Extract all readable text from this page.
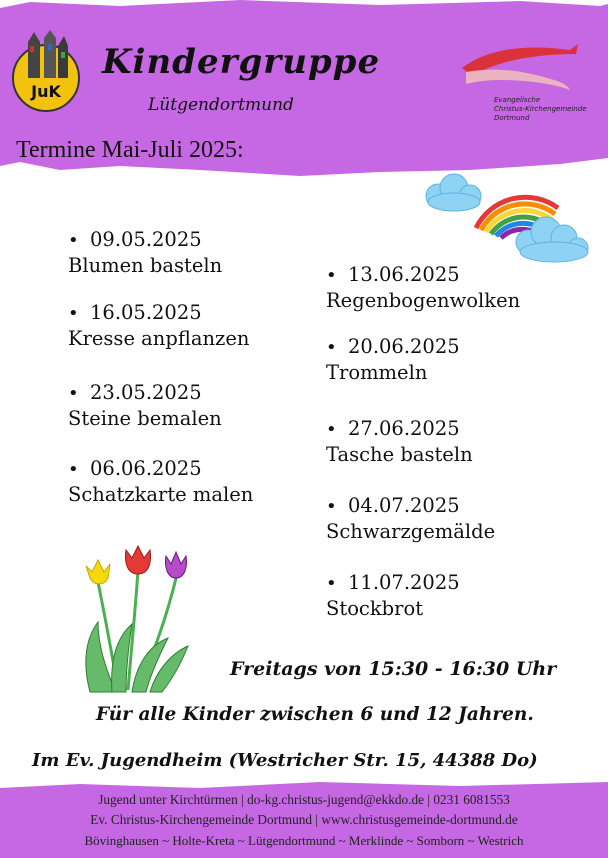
JuK
Kindergruppe
Lütgendortmund	Evangelische
Christus-Kirchengemeinde
Dortmund
Termine Mai-Juli 2025:
• 09.05.2025
Blumen basteln
• 16.05.2025
Kresse anpflanzen
• 23.05.2025
Steine bemalen
• 06.06.2025
Schatzkarte malen
• 13.06.2025
Regenbogenwolken
• 20.06.2025
Trommeln
• 27.06.2025
Tasche basteln
• 04.07.2025
Schwarzgemälde
• 11.07.2025
Stockbrot
Freitags von 15:30 - 16:30 Uhr
Für alle Kinder zwischen 6 und 12 Jahren.
Im Ev. Jugendheim (Westricher Str. 15, 44388 Do)
Jugend unter Kirchtürmen | do-kg.christus-jugend@ekkdo.de | 0231 6081553
Ev. Christus-Kirchengemeinde Dortmund | www.christusgemeinde-dortmund.de
Bövinghausen ~ Holte-Kreta ~ Lütgendortmund ~ Merklinde ~ Somborn ~ Westrich
